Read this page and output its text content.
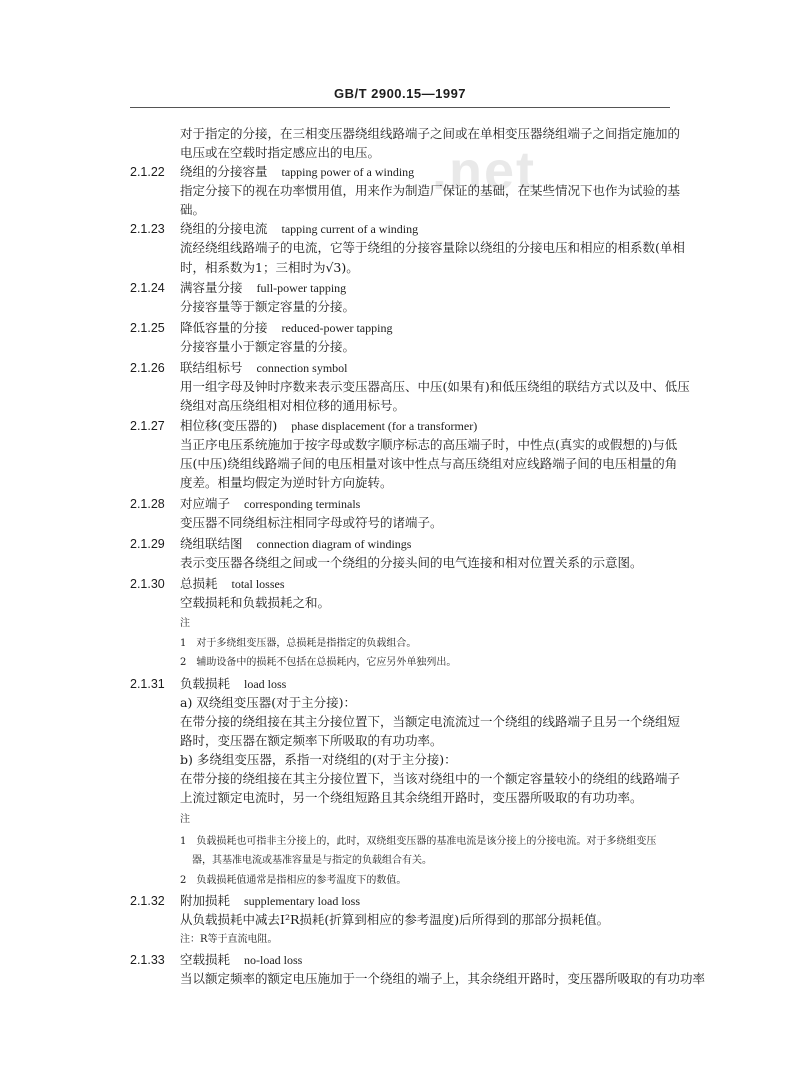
GB/T 2900.15—1997
.net
对于指定的分接，在三相变压器绕组线路端子之间或在单相变压器绕组端子之间指定施加的
电压或在空载时指定感应出的电压。
2.1.22 绕组的分接容量 tapping power of a winding
指定分接下的视在功率惯用值，用来作为制造厂保证的基础，在某些情况下也作为试验的基
础。
2.1.23 绕组的分接电流 tapping current of a winding
流经绕组线路端子的电流，它等于绕组的分接容量除以绕组的分接电压和相应的相系数(单相
时，相系数为1；三相时为√3)。
2.1.24 满容量分接 full-power tapping
分接容量等于额定容量的分接。
2.1.25 降低容量的分接 reduced-power tapping
分接容量小于额定容量的分接。
2.1.26 联结组标号 connection symbol
用一组字母及钟时序数来表示变压器高压、中压(如果有)和低压绕组的联结方式以及中、低压
绕组对高压绕组相对相位移的通用标号。
2.1.27 相位移(变压器的) phase displacement (for a transformer)
当正序电压系统施加于按字母或数字顺序标志的高压端子时，中性点(真实的或假想的)与低
压(中压)绕组线路端子间的电压相量对该中性点与高压绕组对应线路端子间的电压相量的角
度差。相量均假定为逆时针方向旋转。
2.1.28 对应端子 corresponding terminals
变压器不同绕组标注相同字母或符号的诸端子。
2.1.29 绕组联结图 connection diagram of windings
表示变压器各绕组之间或一个绕组的分接头间的电气连接和相对位置关系的示意图。
2.1.30 总损耗 total losses
空载损耗和负载损耗之和。
注
1　对于多绕组变压器，总损耗是指指定的负载组合。
2　辅助设备中的损耗不包括在总损耗内，它应另外单独列出。
2.1.31 负载损耗 load loss
a) 双绕组变压器(对于主分接)：
在带分接的绕组接在其主分接位置下，当额定电流流过一个绕组的线路端子且另一个绕组短
路时，变压器在额定频率下所吸取的有功功率。
b) 多绕组变压器，系指一对绕组的(对于主分接)：
在带分接的绕组接在其主分接位置下，当该对绕组中的一个额定容量较小的绕组的线路端子
上流过额定电流时，另一个绕组短路且其余绕组开路时，变压器所吸取的有功功率。
注
1　负载损耗也可指非主分接上的，此时，双绕组变压器的基准电流是该分接上的分接电流。对于多绕组变压
器，其基准电流或基准容量是与指定的负载组合有关。
2　负载损耗值通常是指相应的参考温度下的数值。
2.1.32 附加损耗 supplementary load loss
从负载损耗中减去I²R损耗(折算到相应的参考温度)后所得到的那部分损耗值。
注：R等于直流电阻。
2.1.33 空载损耗 no-load loss
当以额定频率的额定电压施加于一个绕组的端子上，其余绕组开路时，变压器所吸取的有功功率
